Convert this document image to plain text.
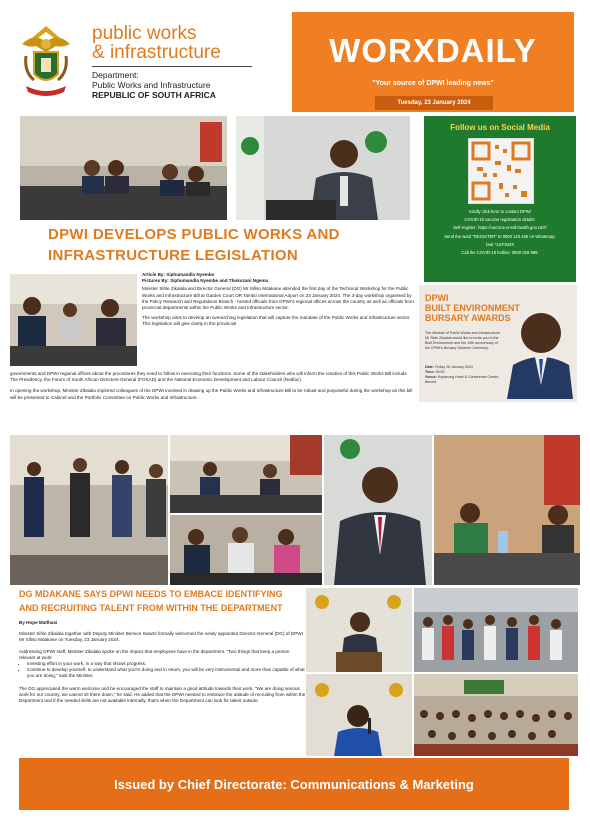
public works
& infrastructure
Department:
Public Works and Infrastructure
REPUBLIC OF SOUTH AFRICA
WORXDAILY
"Your source of DPWI leading news"
Tuesday, 23 January 2024
Follow us on Social Media
Kindly click here to contact DPWI
COVID-19 vaccine registration details:
Self-register: https://vaccine.enroll.health.gov.za/#/
Send the word "REGISTER" to 0600 123 456 on WhatsApp.
Dial *134*832#
Call the COVID-19 hotline: 0800 029 999.
DPWI DEVELOPS PUBLIC WORKS AND
INFRASTRUCTURE LEGISLATION
Article By: Siphumandla Nyembe
Pictures By: Siphumandla Nyembe and Thokozani Ngema
Minister Sihle Zikalala and Director General (DG) Mr Sifiso Mdakane attended the first day of the Technical Workshop for the Public Works and Infrastructure Bill at Garden Court OR Tambo International Airport on 23 January 2024. The 3-day workshop organised by the Policy Research and Regulations Branch - hosted officials from DPWI's regional offices across the country as well as officials from provincial departments within the Public Works and Infrastructure sector.
The workshop aims to develop an overarching legislation that will capture the mandate of the Public Works and Infrastructure sector. This legislation will give clarity in the provincial
governments and DPWI regional offices about the procedures they need to follow in executing their functions. Some of the stakeholders who will inform the creation of this Public Works Bill include The Presidency, the Forum of South African Directors-General (FOSAD) and the National Economic Development and Labour Council (Nedlac).
In opening the workshop, Minister Zikalala implored colleagues of the DPWI involved in drawing up the Public Works and Infrastructure Bill to be robust and purposeful during the workshop as this bill will be presented to Cabinet and the Portfolio Committee on Public Works and Infrastructure.
DPWI
BUILT ENVIRONMENT
BURSARY AWARDS
The Minister of Public Works and Infrastructure Mr Sihle Zikalala would like to invite you to the Built Environment and the 10th anniversary of the DPWI's Bursary Scheme Ceremony.
Date: Friday 26 January 2024
Time: 09:00
Venue: Kopanong Hotel & Conference Centre, Benoni
DG MDAKANE SAYS DPWI NEEDS TO EMBACE IDENTIFYING
AND RECRUITING TALENT FROM WITHIN THE DEPARTMENT
By Hope Matlhasi
Minister Sihle Zikalala together with Deputy Minister Bernice Swarts formally welcomed the newly appointed Director-General (DG) of DPWI Mr Sifiso Mdakane on Tuesday, 23 January 2024.
Addressing DPWI staff, Minister Zikalala spoke on the impact that employees have in the department. "Two things that keep a person relevant at work:
• Investing effort in your work, in a way that shows progress.
• Continue to develop yourself, to understand what you're doing and in return, you will be very instrumental and more than capable of what you are doing," said the Minister.
The DG appreciated the warm welcome and he encouraged the staff to maintain a good attitude towards their work. "We are doing serious work for our country, we cannot sit there down," he said. He added that the DPWI needed to embrace the attitude of recruiting from within the Department and if the needed skills are not available internally, that's when the Department can look for talent outside.
Issued by Chief Directorate: Communications & Marketing
